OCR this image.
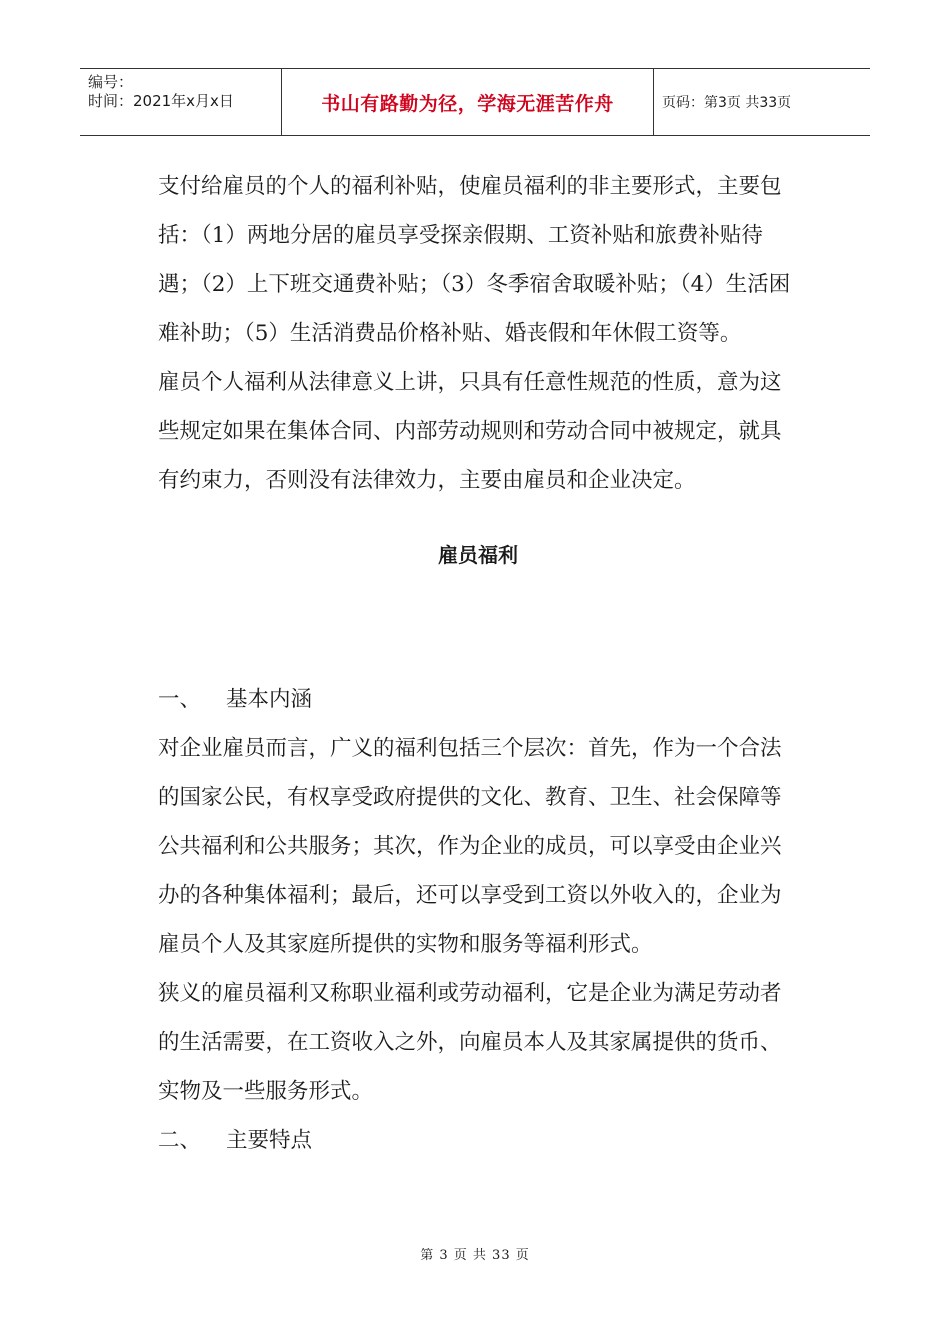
编号：
时间：2021年x月x日	书山有路勤为径，学海无涯苦作舟	页码：第3页 共33页

支付给雇员的个人的福利补贴，使雇员福利的非主要形式，主要包括：（1）两地分居的雇员享受探亲假期、工资补贴和旅费补贴待遇；（2）上下班交通费补贴；（3）冬季宿舍取暖补贴；（4）生活困难补助；（5）生活消费品价格补贴、婚丧假和年休假工资等。

雇员个人福利从法律意义上讲，只具有任意性规范的性质，意为这些规定如果在集体合同、内部劳动规则和劳动合同中被规定，就具有约束力，否则没有法律效力，主要由雇员和企业决定。

雇员福利

一、	基本内涵

对企业雇员而言，广义的福利包括三个层次：首先，作为一个合法的国家公民，有权享受政府提供的文化、教育、卫生、社会保障等公共福利和公共服务；其次，作为企业的成员，可以享受由企业兴办的各种集体福利；最后，还可以享受到工资以外收入的，企业为雇员个人及其家庭所提供的实物和服务等福利形式。

狭义的雇员福利又称职业福利或劳动福利，它是企业为满足劳动者的生活需要，在工资收入之外，向雇员本人及其家属提供的货币、实物及一些服务形式。

二、	主要特点
第 3 页 共 33 页
